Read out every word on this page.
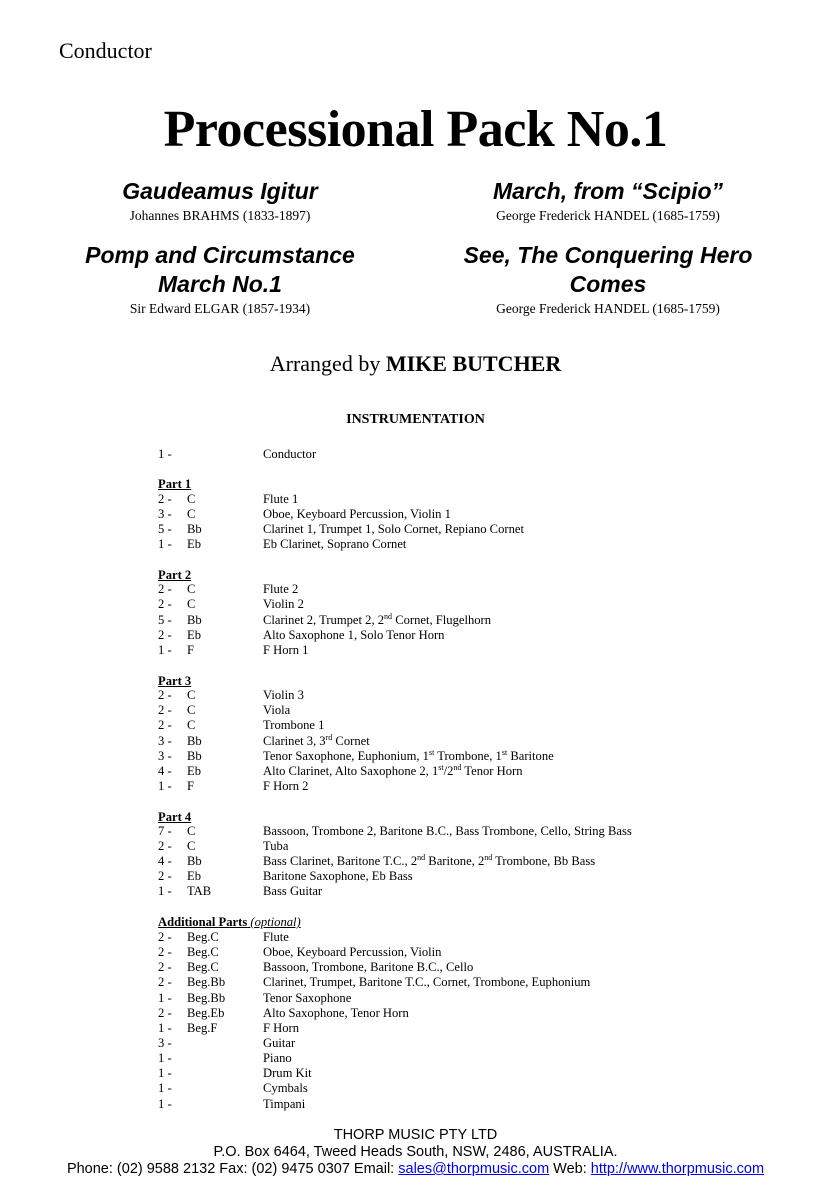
Conductor
Processional Pack No.1
Gaudeamus Igitur
Johannes BRAHMS (1833-1897)
March, from “Scipio”
George Frederick HANDEL (1685-1759)
Pomp and Circumstance
March No.1
Sir Edward ELGAR (1857-1934)
See, The Conquering Hero
Comes
George Frederick HANDEL (1685-1759)
Arranged by MIKE BUTCHER
INSTRUMENTATION
1 -	Conductor
Part 1
2 - C	Flute 1
3 - C	Oboe, Keyboard Percussion, Violin 1
5 - Bb	Clarinet 1, Trumpet 1, Solo Cornet, Repiano Cornet
1 - Eb	Eb Clarinet, Soprano Cornet
Part 2
2 - C	Flute 2
2 - C	Violin 2
5 - Bb	Clarinet 2, Trumpet 2, 2nd Cornet, Flugelhorn
2 - Eb	Alto Saxophone 1, Solo Tenor Horn
1 - F	F Horn 1
Part 3
2 - C	Violin 3
2 - C	Viola
2 - C	Trombone 1
3 - Bb	Clarinet 3, 3rd Cornet
3 - Bb	Tenor Saxophone, Euphonium, 1st Trombone, 1st Baritone
4 - Eb	Alto Clarinet, Alto Saxophone 2, 1st/2nd Tenor Horn
1 - F	F Horn 2
Part 4
7 - C	Bassoon, Trombone 2, Baritone B.C., Bass Trombone, Cello, String Bass
2 - C	Tuba
4 - Bb	Bass Clarinet, Baritone T.C., 2nd Baritone, 2nd Trombone, Bb Bass
2 - Eb	Baritone Saxophone, Eb Bass
1 - TAB	Bass Guitar
Additional Parts (optional)
2 - Beg.C	Flute
2 - Beg.C	Oboe, Keyboard Percussion, Violin
2 - Beg.C	Bassoon, Trombone, Baritone B.C., Cello
2 - Beg.Bb	Clarinet, Trumpet, Baritone T.C., Cornet, Trombone, Euphonium
1 - Beg.Bb	Tenor Saxophone
2 - Beg.Eb	Alto Saxophone, Tenor Horn
1 - Beg.F	F Horn
3 -	Guitar
1 -	Piano
1 -	Drum Kit
1 -	Cymbals
1 -	Timpani
THORP MUSIC PTY LTD
P.O. Box 6464, Tweed Heads South, NSW, 2486, AUSTRALIA.
Phone: (02) 9588 2132 Fax: (02) 9475 0307 Email: sales@thorpmusic.com Web: http://www.thorpmusic.com
